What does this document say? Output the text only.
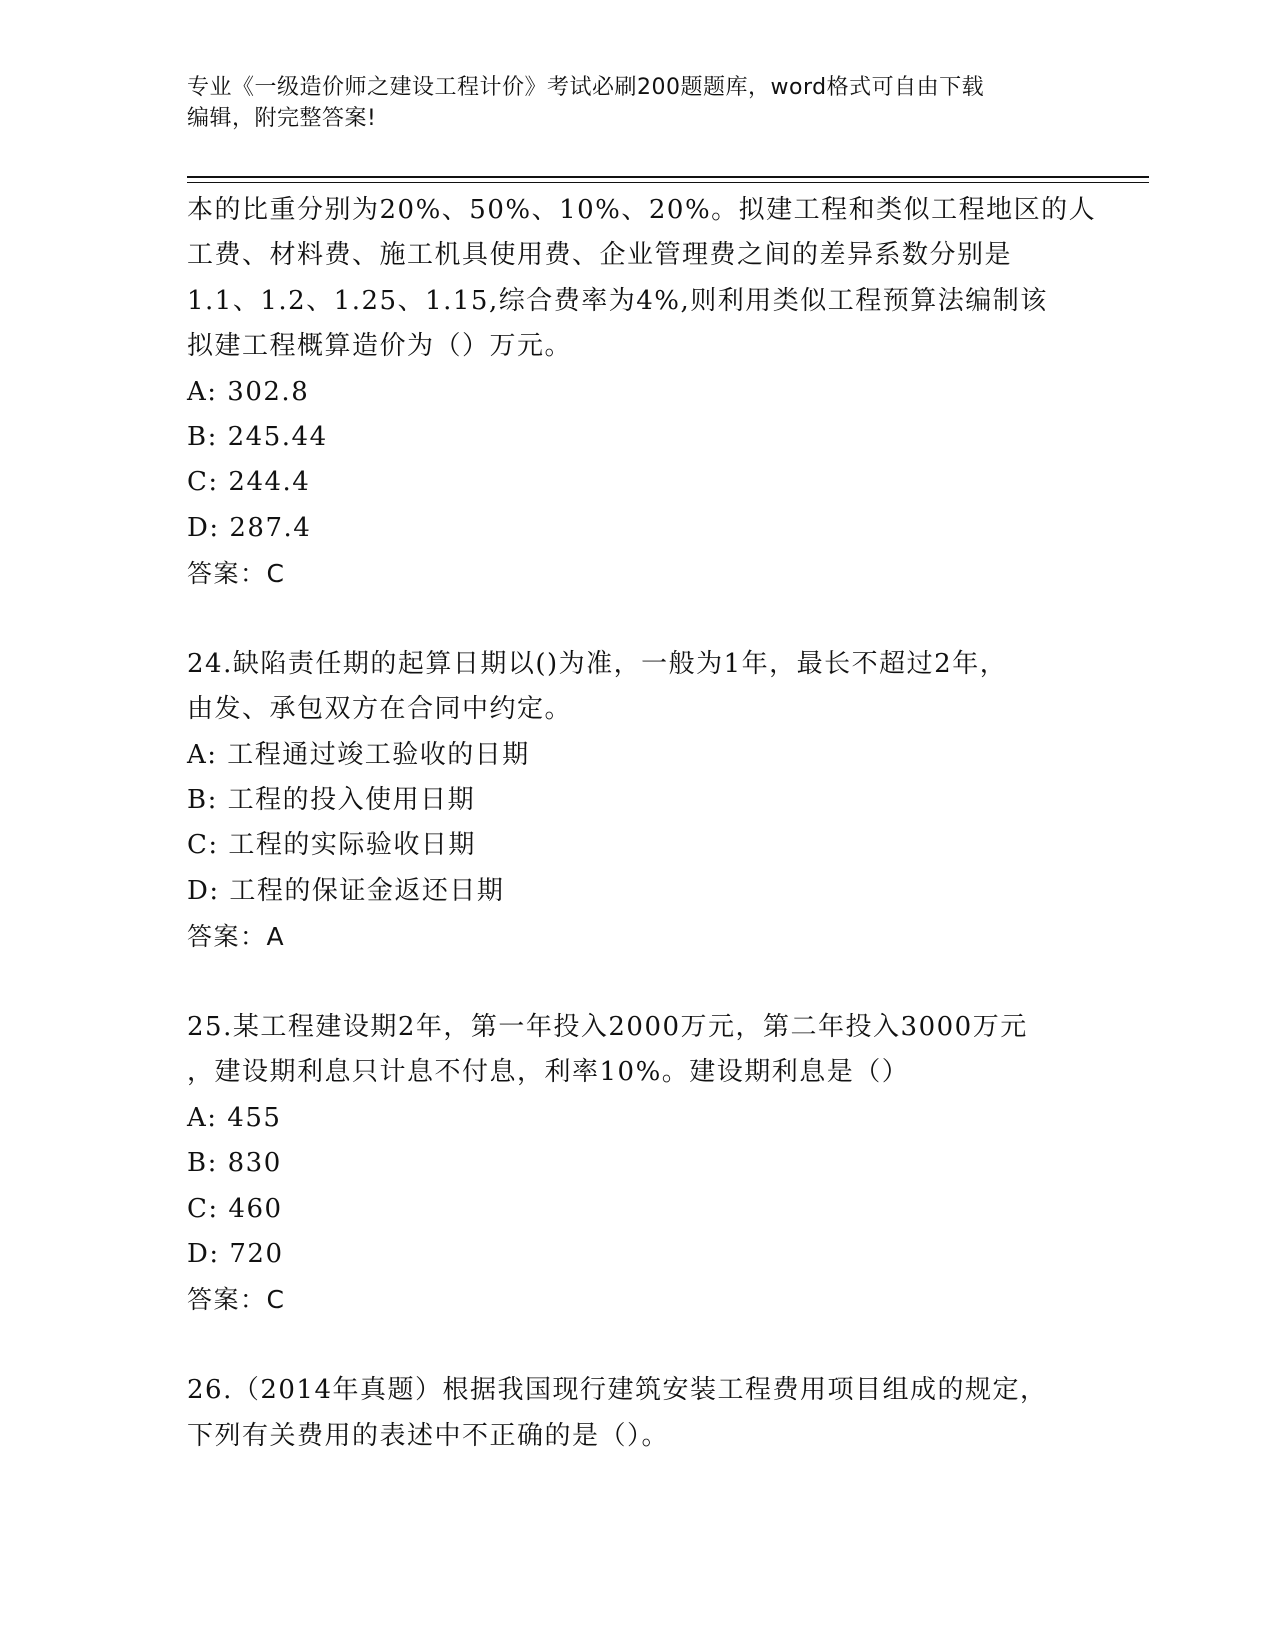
专业《一级造价师之建设工程计价》考试必刷200题题库，word格式可自由下载
编辑，附完整答案!
本的比重分别为20%、50%、10%、20%。拟建工程和类似工程地区的人
工费、材料费、施工机具使用费、企业管理费之间的差异系数分别是
1.1、1.2、1.25、1.15,综合费率为4%,则利用类似工程预算法编制该
拟建工程概算造价为（）万元。
A: 302.8
B: 245.44
C: 244.4
D: 287.4
答案：C
24.缺陷责任期的起算日期以()为准，一般为1年，最长不超过2年，
由发、承包双方在合同中约定。
A: 工程通过竣工验收的日期
B: 工程的投入使用日期
C: 工程的实际验收日期
D: 工程的保证金返还日期
答案：A
25.某工程建设期2年，第一年投入2000万元，第二年投入3000万元
，建设期利息只计息不付息，利率10%。建设期利息是（）
A: 455
B: 830
C: 460
D: 720
答案：C
26.（2014年真题）根据我国现行建筑安装工程费用项目组成的规定，
下列有关费用的表述中不正确的是（）。
